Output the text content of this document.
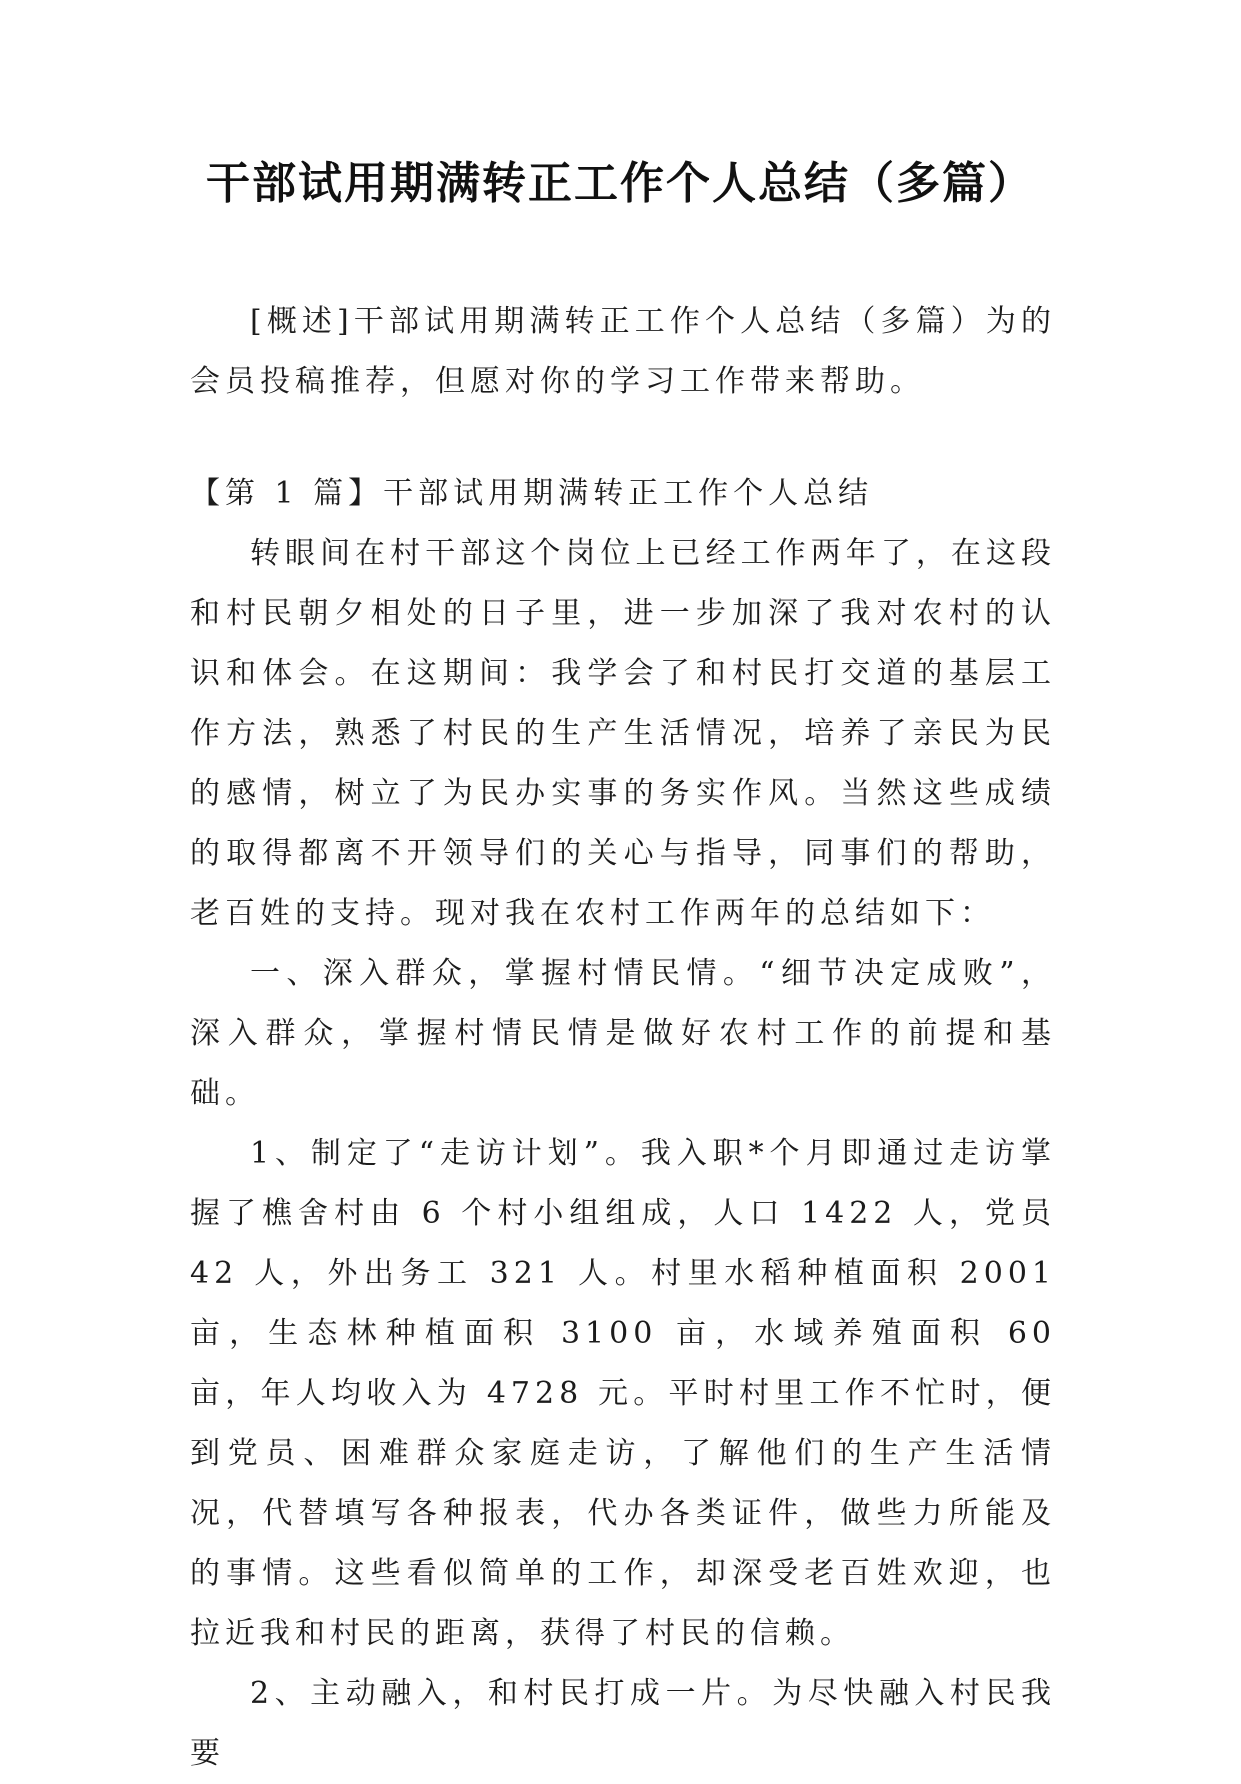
干部试用期满转正工作个人总结（多篇）

[概述]干部试用期满转正工作个人总结（多篇）为的会员投稿推荐，但愿对你的学习工作带来帮助。

【第 1 篇】干部试用期满转正工作个人总结

转眼间在村干部这个岗位上已经工作两年了，在这段和村民朝夕相处的日子里，进一步加深了我对农村的认识和体会。在这期间：我学会了和村民打交道的基层工作方法，熟悉了村民的生产生活情况，培养了亲民为民的感情，树立了为民办实事的务实作风。当然这些成绩的取得都离不开领导们的关心与指导，同事们的帮助，老百姓的支持。现对我在农村工作两年的总结如下：

一、深入群众，掌握村情民情。“细节决定成败”，深入群众，掌握村情民情是做好农村工作的前提和基础。

1、制定了“走访计划”。我入职*个月即通过走访掌握了樵舍村由 6 个村小组组成，人口 1422 人，党员 42 人，外出务工 321 人。村里水稻种植面积 2001 亩，生态林种植面积 3100 亩，水域养殖面积 60 亩，年人均收入为 4728 元。平时村里工作不忙时，便到党员、困难群众家庭走访，了解他们的生产生活情况，代替填写各种报表，代办各类证件，做些力所能及的事情。这些看似简单的工作，却深受老百姓欢迎，也拉近我和村民的距离，获得了村民的信赖。

2、主动融入，和村民打成一片。为尽快融入村民我要
